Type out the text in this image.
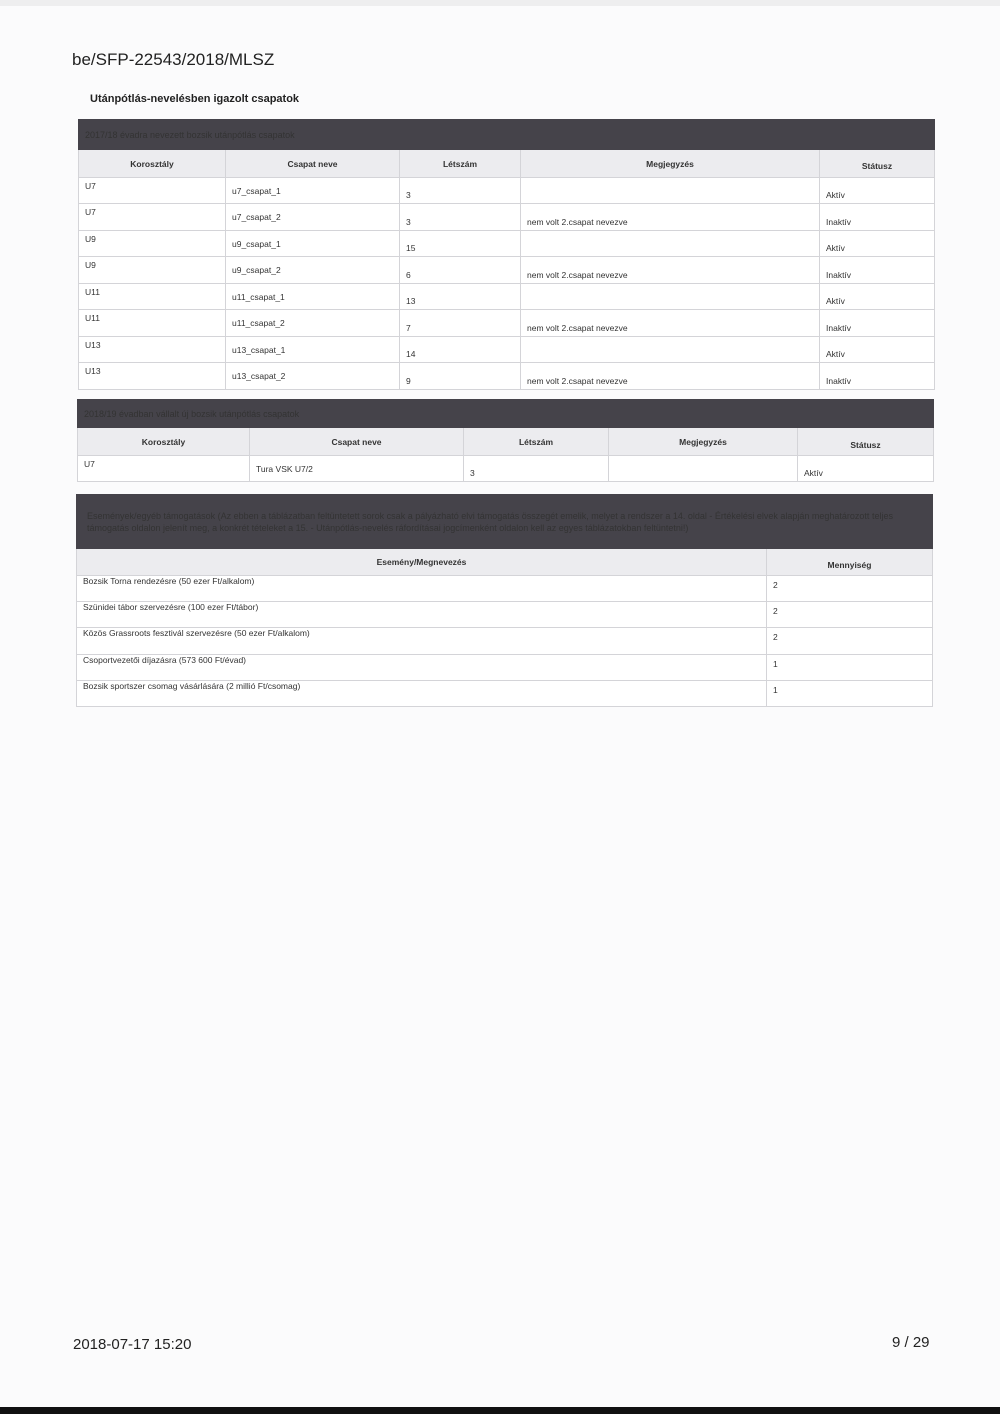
be/SFP-22543/2018/MLSZ
Utánpótlás-nevelésben igazolt csapatok
2017/18 évadra nevezett bozsik utánpótlás csapatok				
Korosztály	Csapat neve	Létszám	Megjegyzés	Státusz
U7	u7_csapat_1	3		Aktív
U7	u7_csapat_2	3	nem volt 2.csapat nevezve	Inaktív
U9	u9_csapat_1	15		Aktív
U9	u9_csapat_2	6	nem volt 2.csapat nevezve	Inaktív
U11	u11_csapat_1	13		Aktív
U11	u11_csapat_2	7	nem volt 2.csapat nevezve	Inaktív
U13	u13_csapat_1	14		Aktív
U13	u13_csapat_2	9	nem volt 2.csapat nevezve	Inaktív
2018/19 évadban vállalt új bozsik utánpótlás csapatok				
Korosztály	Csapat neve	Létszám	Megjegyzés	Státusz
U7	Tura VSK U7/2	3		Aktív
Események/egyéb támogatások (Az ebben a táblázatban feltüntetett sorok csak a pályázható elvi támogatás összegét emelik, melyet a rendszer a 14. oldal - Értékelési elvek alapján meghatározott teljes támogatás oldalon jelenít meg, a konkrét tételeket a 15. - Utánpótlás-nevelés ráfordításai jogcímenként oldalon kell az egyes táblázatokban feltüntetni!)	
Esemény/Megnevezés	Mennyiség
Bozsik Torna rendezésre (50 ezer Ft/alkalom)	2
Szünidei tábor szervezésre (100 ezer Ft/tábor)	2
Közös Grassroots fesztivál szervezésre (50 ezer Ft/alkalom)	2
Csoportvezetői díjazásra (573 600 Ft/évad)	1
Bozsik sportszer csomag vásárlására (2 millió Ft/csomag)	1
2018-07-17 15:20	9 / 29
